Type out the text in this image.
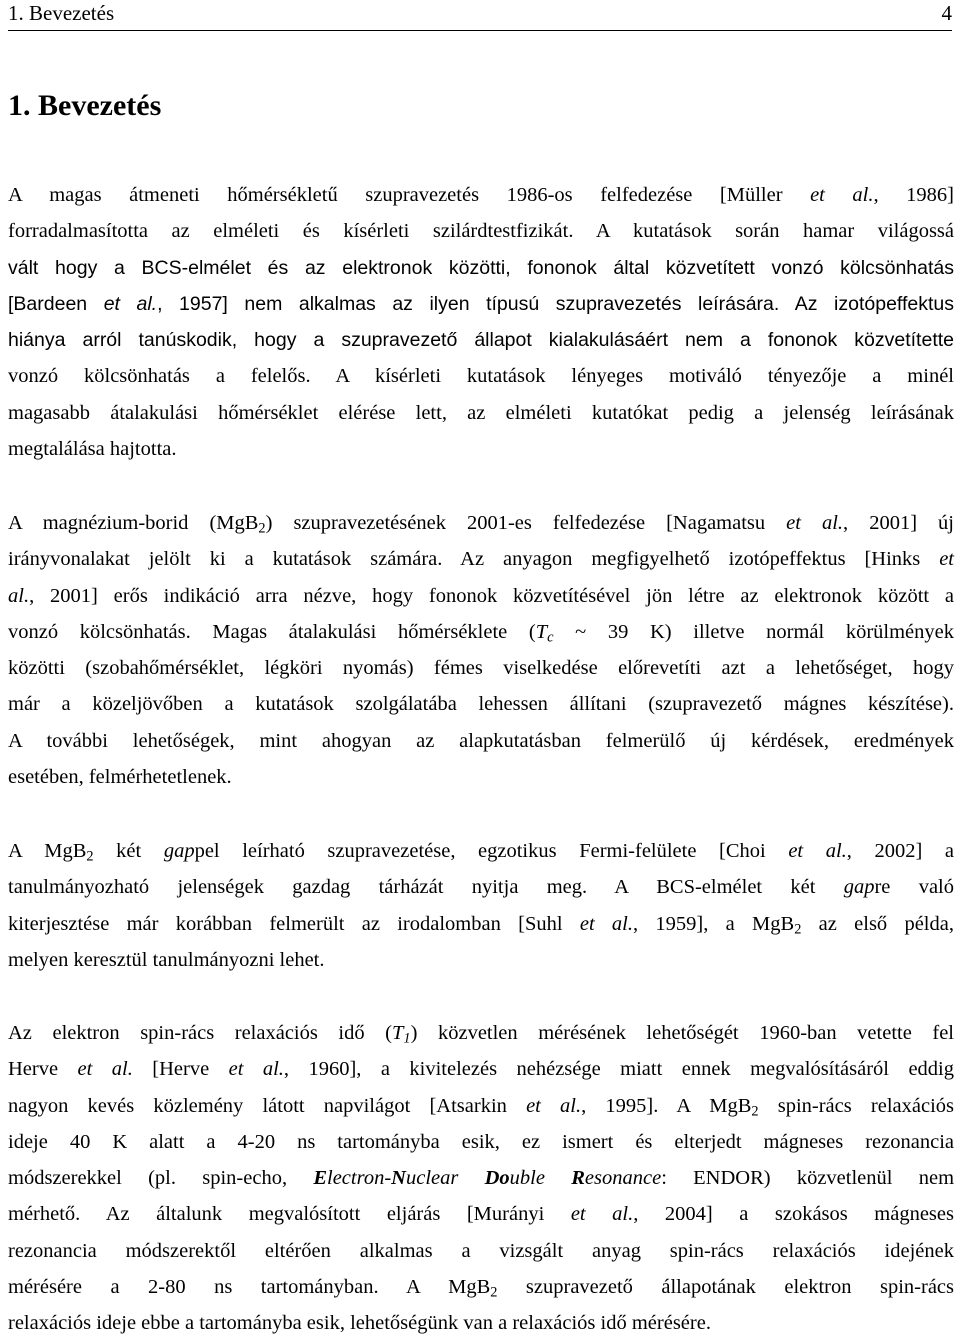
1. Bevezetés	4
1. Bevezetés

A magas átmeneti hőmérsékletű szupravezetés 1986-os felfedezése [Müller et al., 1986]
forradalmasította az elméleti és kísérleti szilárdtestfizikát. A kutatások során hamar világossá
vált hogy a BCS-elmélet és az elektronok közötti, fononok által közvetített vonzó kölcsönhatás
[Bardeen et al., 1957] nem alkalmas az ilyen típusú szupravezetés leírására. Az izotópeffektus
hiánya arról tanúskodik, hogy a szupravezető állapot kialakulásáért nem a fononok közvetítette
vonzó kölcsönhatás a felelős. A kísérleti kutatások lényeges motiváló tényezője a minél
magasabb átalakulási hőmérséklet elérése lett, az elméleti kutatókat pedig a jelenség leírásának
megtalálása hajtotta.

A magnézium-borid (MgB$_2$) szupravezetésének 2001-es felfedezése [Nagamatsu et al., 2001] új
irányvonalakat jelölt ki a kutatások számára. Az anyagon megfigyelhető izotópeffektus [Hinks et
al., 2001] erős indikáció arra nézve, hogy fononok közvetítésével jön létre az elektronok között a
vonzó kölcsönhatás. Magas átalakulási hőmérséklete ($T_c$ ~ 39 K) illetve normál körülmények
közötti (szobahőmérséklet, légköri nyomás) fémes viselkedése előrevetíti azt a lehetőséget, hogy
már a közeljövőben a kutatások szolgálatába lehessen állítani (szupravezető mágnes készítése).
A további lehetőségek, mint ahogyan az alapkutatásban felmerülő új kérdések, eredmények
esetében, felmérhetetlenek.

A MgB$_2$ két gappel leírható szupravezetése, egzotikus Fermi-felülete [Choi et al., 2002] a
tanulmányozható jelenségek gazdag tárházát nyitja meg. A BCS-elmélet két gapre való
kiterjesztése már korábban felmerült az irodalomban [Suhl et al., 1959], a MgB$_2$ az első példa,
melyen keresztül tanulmányozni lehet.

Az elektron spin-rács relaxációs idő $(T_1)$ közvetlen mérésének lehetőségét 1960-ban vetette fel
Herve et al. [Herve et al., 1960], a kivitelezés nehézsége miatt ennek megvalósításáról eddig
nagyon kevés közlemény látott napvilágot [Atsarkin et al., 1995]. A MgB$_2$ spin-rács relaxációs
ideje 40 K alatt a 4-20 ns tartományba esik, ez ismert és elterjedt mágneses rezonancia
módszerekkel (pl. spin-echo, Electron-Nuclear Double Resonance: ENDOR) közvetlenül nem
mérhető. Az általunk megvalósított eljárás [Murányi et al., 2004] a szokásos mágneses
rezonancia módszerektől eltérően alkalmas a vizsgált anyag spin-rács relaxációs idejének
mérésére a 2-80 ns tartományban. A MgB$_2$ szupravezető állapotának elektron spin-rács
relaxációs ideje ebbe a tartományba esik, lehetőségünk van a relaxációs idő mérésére.
